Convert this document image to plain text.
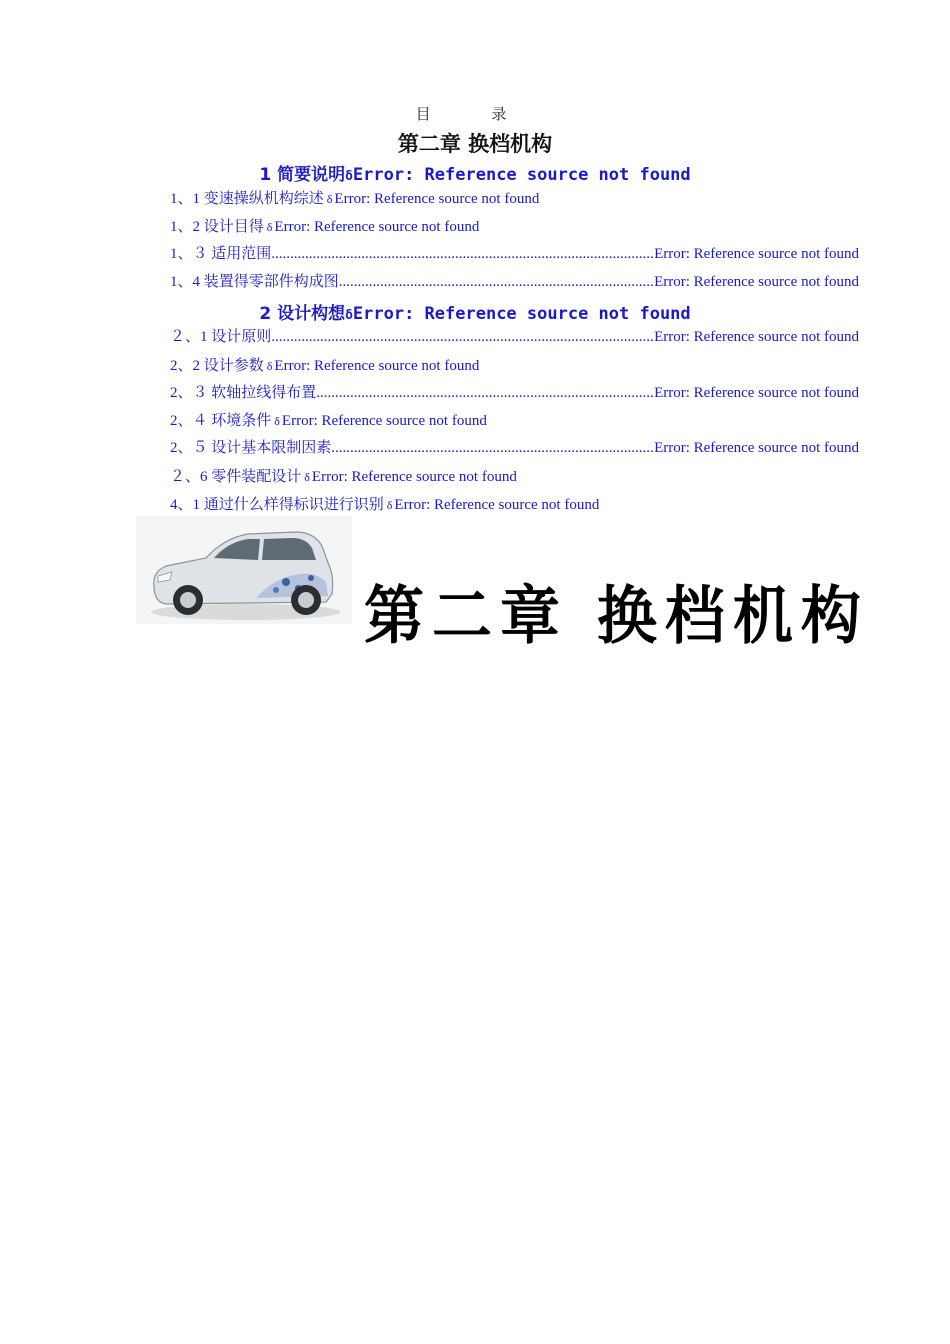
目 录
第二章 换档机构
1 简要说明δError: Reference source not found
1、1 变速操纵机构综述 δ Error: Reference source not found
1、2 设计目得 δ Error: Reference source not found
1、３ 适用范围 .....	Error: Reference source not found
1、4 装置得零部件构成图 .....	Error: Reference source not found
2 设计构想δError: Reference source not found
２、1 设计原则 .....	Error: Reference source not found
2、2 设计参数 δ Error: Reference source not found
2、３ 软轴拉线得布置 .....	Error: Reference source not found
2、４ 环境条件 δ Error: Reference source not found
2、５ 设计基本限制因素 .....	Error: Reference source not found
２、6 零件装配设计 δ Error: Reference source not found
4、1 通过什么样得标识进行识别 δ Error: Reference source not found
第二章 换档机构
